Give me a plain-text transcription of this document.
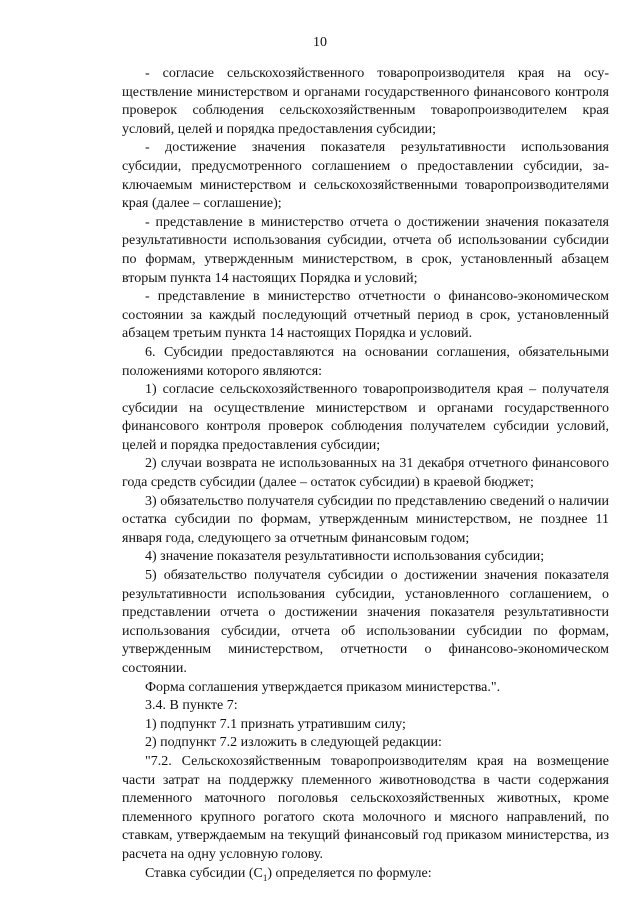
10

- согласие сельскохозяйственного товаропроизводителя края на осуществление министерством и органами государственного финансового контроля проверок соблюдения сельскохозяйственным товаропроизводителем края условий, целей и порядка предоставления субсидии;

- достижение значения показателя результативности использования субсидии, предусмотренного соглашением о предоставлении субсидии, заключаемым министерством и сельскохозяйственными товаропроизводителями края (далее – соглашение);

- представление в министерство отчета о достижении значения показателя результативности использования субсидии, отчета об использовании субсидии по формам, утвержденным министерством, в срок, установленный абзацем вторым пункта 14 настоящих Порядка и условий;

- представление в министерство отчетности о финансово-экономическом состоянии за каждый последующий отчетный период в срок, установленный абзацем третьим пункта 14 настоящих Порядка и условий.

6. Субсидии предоставляются на основании соглашения, обязательными положениями которого являются:

1) согласие сельскохозяйственного товаропроизводителя края – получателя субсидии на осуществление министерством и органами государственного финансового контроля проверок соблюдения получателем субсидии условий, целей и порядка предоставления субсидии;

2) случаи возврата не использованных на 31 декабря отчетного финансового года средств субсидии (далее – остаток субсидии) в краевой бюджет;

3) обязательство получателя субсидии по представлению сведений о наличии остатка субсидии по формам, утвержденным министерством, не позднее 11 января года, следующего за отчетным финансовым годом;

4) значение показателя результативности использования субсидии;

5) обязательство получателя субсидии о достижении значения показателя результативности использования субсидии, установленного соглашением, о представлении отчета о достижении значения показателя результативности использования субсидии, отчета об использовании субсидии по формам, утвержденным министерством, отчетности о финансово-экономическом состоянии.

Форма соглашения утверждается приказом министерства.".

3.4. В пункте 7:

1) подпункт 7.1 признать утратившим силу;

2) подпункт 7.2 изложить в следующей редакции:

"7.2. Сельскохозяйственным товаропроизводителям края на возмещение части затрат на поддержку племенного животноводства в части содержания племенного маточного поголовья сельскохозяйственных животных, кроме племенного крупного рогатого скота молочного и мясного направлений, по ставкам, утверждаемым на текущий финансовый год приказом министерства, из расчета на одну условную голову.

Ставка субсидии $(С_1)$ определяется по формуле:
